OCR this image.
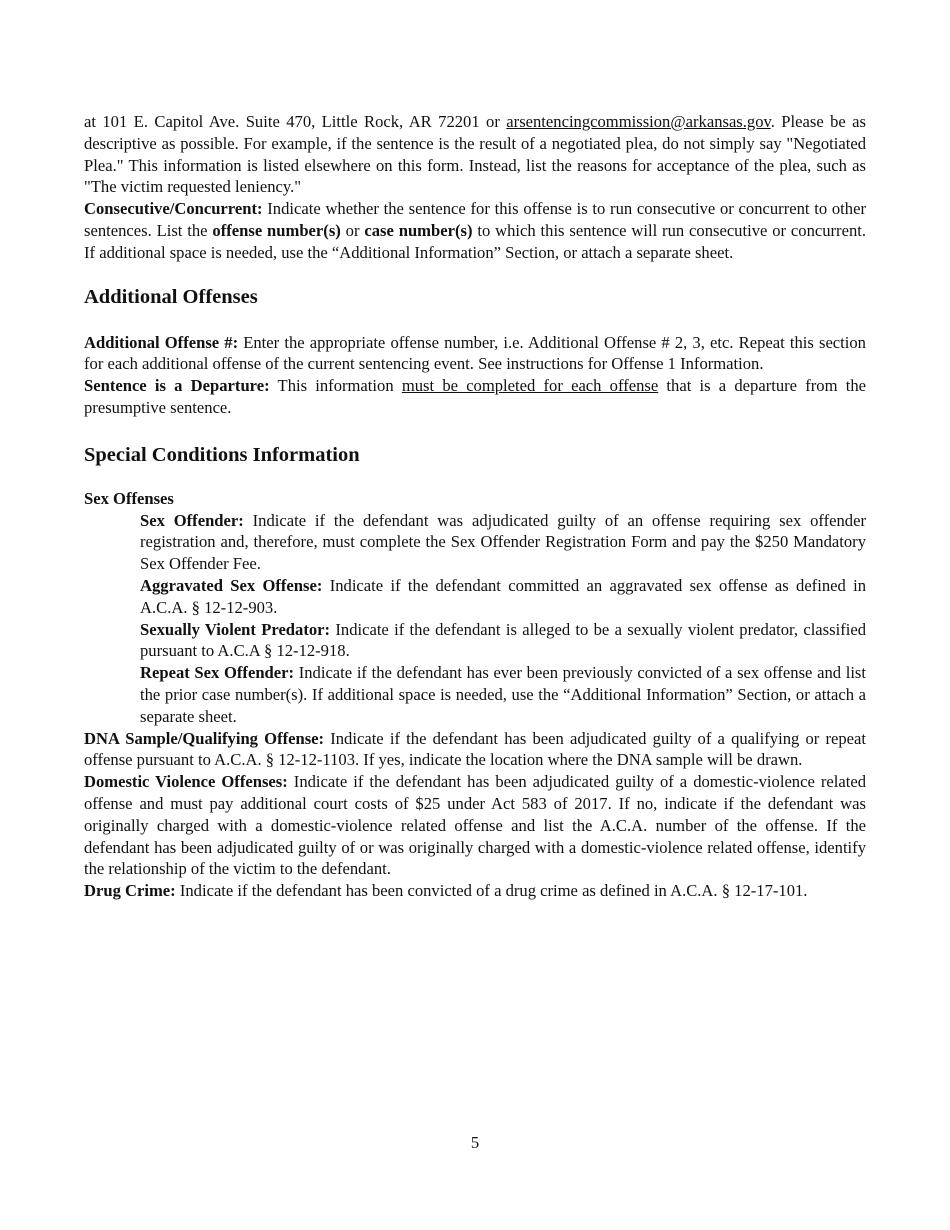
at 101 E. Capitol Ave. Suite 470, Little Rock, AR 72201 or arsentencingcommission@arkansas.gov. Please be as descriptive as possible. For example, if the sentence is the result of a negotiated plea, do not simply say "Negotiated Plea." This information is listed elsewhere on this form. Instead, list the reasons for acceptance of the plea, such as "The victim requested leniency."

Consecutive/Concurrent: Indicate whether the sentence for this offense is to run consecutive or concurrent to other sentences. List the offense number(s) or case number(s) to which this sentence will run consecutive or concurrent. If additional space is needed, use the “Additional Information” Section, or attach a separate sheet.

Additional Offenses

Additional Offense #: Enter the appropriate offense number, i.e. Additional Offense # 2, 3, etc. Repeat this section for each additional offense of the current sentencing event. See instructions for Offense 1 Information.

Sentence is a Departure: This information must be completed for each offense that is a departure from the presumptive sentence.

Special Conditions Information

Sex Offenses

Sex Offender: Indicate if the defendant was adjudicated guilty of an offense requiring sex offender registration and, therefore, must complete the Sex Offender Registration Form and pay the $250 Mandatory Sex Offender Fee.

Aggravated Sex Offense: Indicate if the defendant committed an aggravated sex offense as defined in A.C.A. § 12-12-903.

Sexually Violent Predator: Indicate if the defendant is alleged to be a sexually violent predator, classified pursuant to A.C.A § 12-12-918.

Repeat Sex Offender: Indicate if the defendant has ever been previously convicted of a sex offense and list the prior case number(s). If additional space is needed, use the “Additional Information” Section, or attach a separate sheet.

DNA Sample/Qualifying Offense: Indicate if the defendant has been adjudicated guilty of a qualifying or repeat offense pursuant to A.C.A. § 12-12-1103. If yes, indicate the location where the DNA sample will be drawn.

Domestic Violence Offenses: Indicate if the defendant has been adjudicated guilty of a domestic-violence related offense and must pay additional court costs of $25 under Act 583 of 2017. If no, indicate if the defendant was originally charged with a domestic-violence related offense and list the A.C.A. number of the offense. If the defendant has been adjudicated guilty of or was originally charged with a domestic-violence related offense, identify the relationship of the victim to the defendant.

Drug Crime: Indicate if the defendant has been convicted of a drug crime as defined in A.C.A. § 12-17-101.

5
